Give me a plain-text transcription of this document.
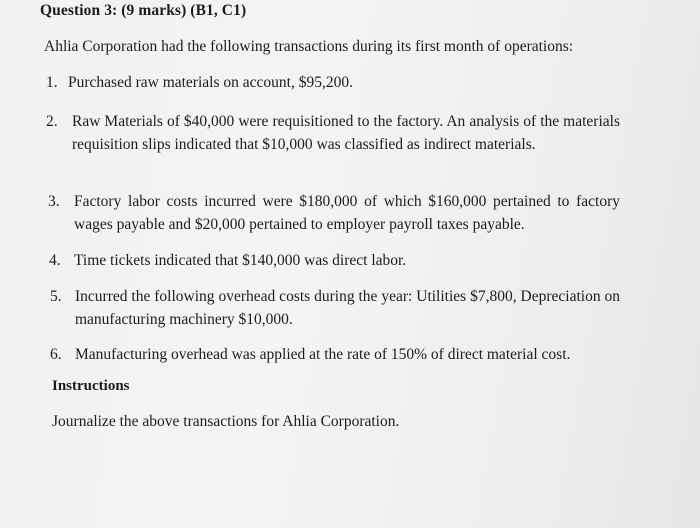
Question 3: (9 marks) (B1, C1)
Ahlia Corporation had the following transactions during its first month of operations:
1. Purchased raw materials on account, $95,200.
2. Raw Materials of $40,000 were requisitioned to the factory. An analysis of the materials requisition slips indicated that $10,000 was classified as indirect materials.
3. Factory labor costs incurred were $180,000 of which $160,000 pertained to factory wages payable and $20,000 pertained to employer payroll taxes payable.
4. Time tickets indicated that $140,000 was direct labor.
5. Incurred the following overhead costs during the year: Utilities $7,800, Depreciation on manufacturing machinery $10,000.
6. Manufacturing overhead was applied at the rate of 150% of direct material cost.
Instructions
Journalize the above transactions for Ahlia Corporation.
